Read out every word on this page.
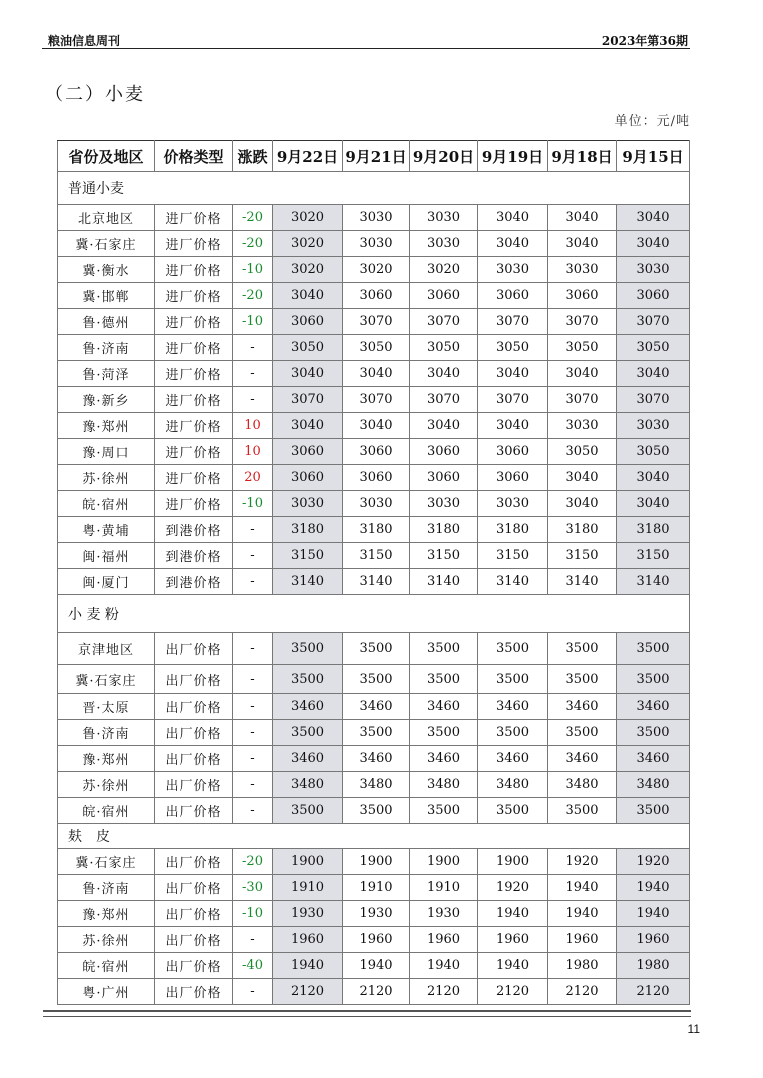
粮油信息周刊	2023年第36期
（二）小麦
单位：元/吨
省份及地区	价格类型	涨跌	9月22日	9月21日	9月20日	9月19日	9月18日	9月15日
普通小麦								
北京地区	进厂价格	-20	3020	3030	3030	3040	3040	3040
冀·石家庄	进厂价格	-20	3020	3030	3030	3040	3040	3040
冀·衡水	进厂价格	-10	3020	3020	3020	3030	3030	3030
冀·邯郸	进厂价格	-20	3040	3060	3060	3060	3060	3060
鲁·德州	进厂价格	-10	3060	3070	3070	3070	3070	3070
鲁·济南	进厂价格	-	3050	3050	3050	3050	3050	3050
鲁·菏泽	进厂价格	-	3040	3040	3040	3040	3040	3040
豫·新乡	进厂价格	-	3070	3070	3070	3070	3070	3070
豫·郑州	进厂价格	10	3040	3040	3040	3040	3030	3030
豫·周口	进厂价格	10	3060	3060	3060	3060	3050	3050
苏·徐州	进厂价格	20	3060	3060	3060	3060	3040	3040
皖·宿州	进厂价格	-10	3030	3030	3030	3030	3040	3040
粤·黄埔	到港价格	-	3180	3180	3180	3180	3180	3180
闽·福州	到港价格	-	3150	3150	3150	3150	3150	3150
闽·厦门	到港价格	-	3140	3140	3140	3140	3140	3140
小 麦 粉								
京津地区	出厂价格	-	3500	3500	3500	3500	3500	3500
冀·石家庄	出厂价格	-	3500	3500	3500	3500	3500	3500
晋·太原	出厂价格	-	3460	3460	3460	3460	3460	3460
鲁·济南	出厂价格	-	3500	3500	3500	3500	3500	3500
豫·郑州	出厂价格	-	3460	3460	3460	3460	3460	3460
苏·徐州	出厂价格	-	3480	3480	3480	3480	3480	3480
皖·宿州	出厂价格	-	3500	3500	3500	3500	3500	3500
麸　皮								
冀·石家庄	出厂价格	-20	1900	1900	1900	1900	1920	1920
鲁·济南	出厂价格	-30	1910	1910	1910	1920	1940	1940
豫·郑州	出厂价格	-10	1930	1930	1930	1940	1940	1940
苏·徐州	出厂价格	-	1960	1960	1960	1960	1960	1960
皖·宿州	出厂价格	-40	1940	1940	1940	1940	1980	1980
粤·广州	出厂价格	-	2120	2120	2120	2120	2120	2120
11
